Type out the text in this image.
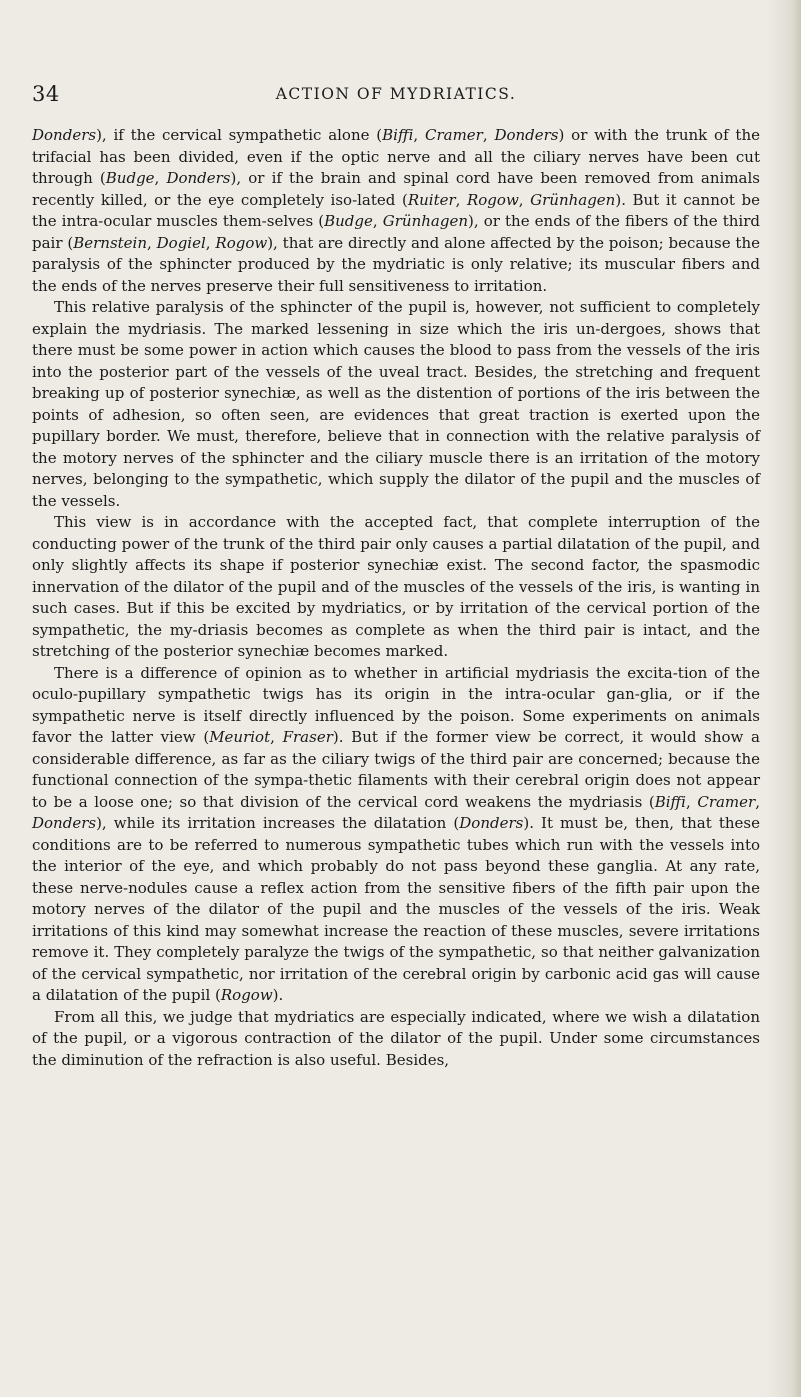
34	ACTION OF MYDRIATICS.

Donders), if the cervical sympathetic alone (Biffi, Cramer, Donders) or with the trunk of the trifacial has been divided, even if the optic nerve and all the ciliary nerves have been cut through (Budge, Donders), or if the brain and spinal cord have been removed from animals recently killed, or the eye completely iso-lated (Ruiter, Rogow, Grünhagen). But it cannot be the intra-ocular muscles them-selves (Budge, Grünhagen), or the ends of the fibers of the third pair (Bernstein, Dogiel, Rogow), that are directly and alone affected by the poison; because the paralysis of the sphincter produced by the mydriatic is only relative; its muscular fibers and the ends of the nerves preserve their full sensitiveness to irritation.

This relative paralysis of the sphincter of the pupil is, however, not sufficient to completely explain the mydriasis. The marked lessening in size which the iris un-dergoes, shows that there must be some power in action which causes the blood to pass from the vessels of the iris into the posterior part of the vessels of the uveal tract. Besides, the stretching and frequent breaking up of posterior synechiæ, as well as the distention of portions of the iris between the points of adhesion, so often seen, are evidences that great traction is exerted upon the pupillary border. We must, therefore, believe that in connection with the relative paralysis of the motory nerves of the sphincter and the ciliary muscle there is an irritation of the motory nerves, belonging to the sympathetic, which supply the dilator of the pupil and the muscles of the vessels.

This view is in accordance with the accepted fact, that complete interruption of the conducting power of the trunk of the third pair only causes a partial dilatation of the pupil, and only slightly affects its shape if posterior synechiæ exist. The second factor, the spasmodic innervation of the dilator of the pupil and of the muscles of the vessels of the iris, is wanting in such cases. But if this be excited by mydriatics, or by irritation of the cervical portion of the sympathetic, the my-driasis becomes as complete as when the third pair is intact, and the stretching of the posterior synechiæ becomes marked.

There is a difference of opinion as to whether in artificial mydriasis the excita-tion of the oculo-pupillary sympathetic twigs has its origin in the intra-ocular gan-glia, or if the sympathetic nerve is itself directly influenced by the poison. Some experiments on animals favor the latter view (Meuriot, Fraser). But if the former view be correct, it would show a considerable difference, as far as the ciliary twigs of the third pair are concerned; because the functional connection of the sympa-thetic filaments with their cerebral origin does not appear to be a loose one; so that division of the cervical cord weakens the mydriasis (Biffi, Cramer, Donders), while its irritation increases the dilatation (Donders). It must be, then, that these conditions are to be referred to numerous sympathetic tubes which run with the vessels into the interior of the eye, and which probably do not pass beyond these ganglia. At any rate, these nerve-nodules cause a reflex action from the sensitive fibers of the fifth pair upon the motory nerves of the dilator of the pupil and the muscles of the vessels of the iris. Weak irritations of this kind may somewhat increase the reaction of these muscles, severe irritations remove it. They completely paralyze the twigs of the sympathetic, so that neither galvanization of the cervical sympathetic, nor irritation of the cerebral origin by carbonic acid gas will cause a dilatation of the pupil (Rogow).

From all this, we judge that mydriatics are especially indicated, where we wish a dilatation of the pupil, or a vigorous contraction of the dilator of the pupil. Under some circumstances the diminution of the refraction is also useful. Besides,
